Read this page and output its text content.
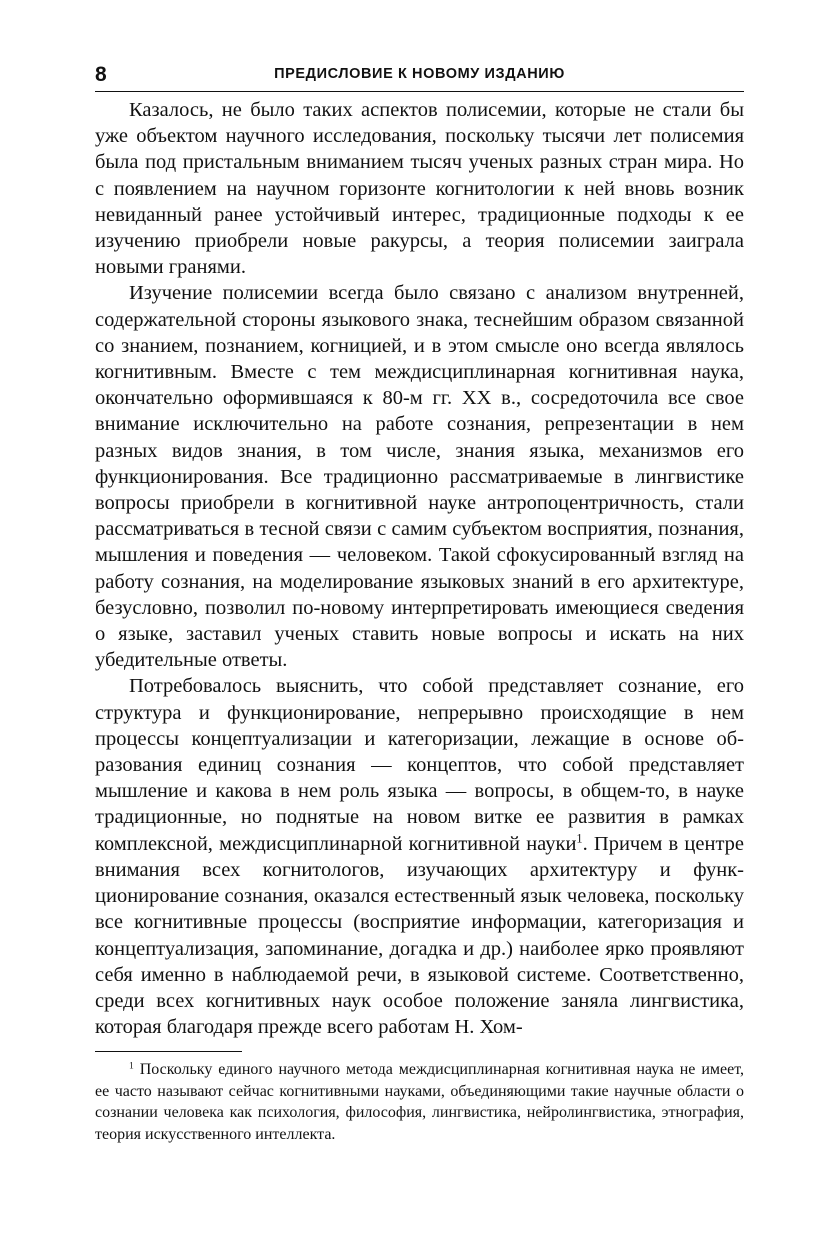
8	ПРЕДИСЛОВИЕ К НОВОМУ ИЗДАНИЮ

Казалось, не было таких аспектов полисемии, которые не стали бы уже объектом научного исследования, поскольку тысячи лет полисемия была под пристальным вниманием тысяч ученых разных стран мира. Но с появлением на научном горизонте когнитологии к ней вновь возник невиданный ранее устойчивый интерес, традиционные подходы к ее изучению приобрели новые ракурсы, а теория полисемии заиграла новыми гранями.

Изучение полисемии всегда было связано с анализом внутренней, содержательной стороны языкового знака, теснейшим образом связанной со знанием, познанием, когницией, и в этом смысле оно всегда являлось когнитивным. Вместе с тем междисциплинарная когнитивная наука, окончательно оформившаяся к 80-м гг. XX в., сосредоточила все свое внимание исключительно на работе сознания, репрезентации в нем разных видов знания, в том числе, знания языка, механизмов его функционирования. Все традиционно рассматриваемые в лингвистике вопросы приобрели в когнитивной науке антропоцентричность, стали рассматриваться в тесной связи с самим субъектом восприятия, познания, мышления и поведения — человеком. Такой сфокусированный взгляд на работу сознания, на моделирование языковых знаний в его архитектуре, безусловно, позволил по-новому интерпретировать имеющиеся сведения о языке, заставил ученых ставить новые вопросы и искать на них убедительные ответы.

Потребовалось выяснить, что собой представляет сознание, его структура и функционирование, непрерывно происходящие в нем процессы концептуализации и категоризации, лежащие в основе образования единиц сознания — концептов, что собой представляет мышление и какова в нем роль языка — вопросы, в общем-то, в науке традиционные, но поднятые на новом витке ее развития в рамках комплексной, междисциплинарной когнитивной науки$^1$. Причем в центре внимания всех когнитологов, изучающих архитектуру и функционирование сознания, оказался естественный язык человека, поскольку все когнитивные процессы (восприятие информации, категоризация и концептуализация, запоминание, догадка и др.) наиболее ярко проявляют себя именно в наблюдаемой речи, в языковой системе. Соответственно, среди всех когнитивных наук особое положение заняла лингвистика, которая благодаря прежде всего работам Н. Хом-

$^1$ Поскольку единого научного метода междисциплинарная когнитивная наука не имеет, ее часто называют сейчас когнитивными науками, объединяющими такие научные области о сознании человека как психология, философия, лингвистика, нейролингвистика, этнография, теория искусственного интеллекта.
